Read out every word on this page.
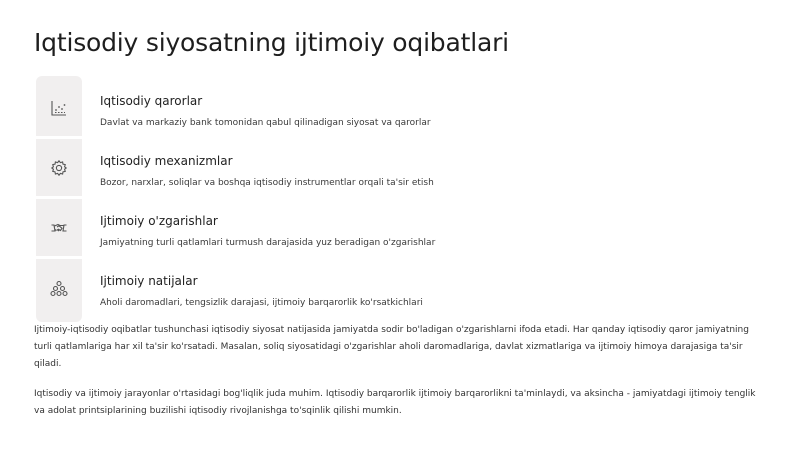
Iqtisodiy siyosatning ijtimoiy oqibatlari
Iqtisodiy qarorlar
Davlat va markaziy bank tomonidan qabul qilinadigan siyosat va qarorlar
Iqtisodiy mexanizmlar
Bozor, narxlar, soliqlar va boshqa iqtisodiy instrumentlar orqali ta'sir etish
Ijtimoiy o'zgarishlar
Jamiyatning turli qatlamlari turmush darajasida yuz beradigan o'zgarishlar
Ijtimoiy natijalar
Aholi daromadlari, tengsizlik darajasi, ijtimoiy barqarorlik ko'rsatkichlari

Ijtimoiy-iqtisodiy oqibatlar tushunchasi iqtisodiy siyosat natijasida jamiyatda sodir bo'ladigan o'zgarishlarni ifoda etadi. Har qanday iqtisodiy qaror jamiyatning turli qatlamlariga har xil ta'sir ko'rsatadi. Masalan, soliq siyosatidagi o'zgarishlar aholi daromadlariga, davlat xizmatlariga va ijtimoiy himoya darajasiga ta'sir qiladi.

Iqtisodiy va ijtimoiy jarayonlar o'rtasidagi bog'liqlik juda muhim. Iqtisodiy barqarorlik ijtimoiy barqarorlikni ta'minlaydi, va aksincha - jamiyatdagi ijtimoiy tenglik va adolat printsiplarining buzilishi iqtisodiy rivojlanishga to'sqinlik qilishi mumkin.
